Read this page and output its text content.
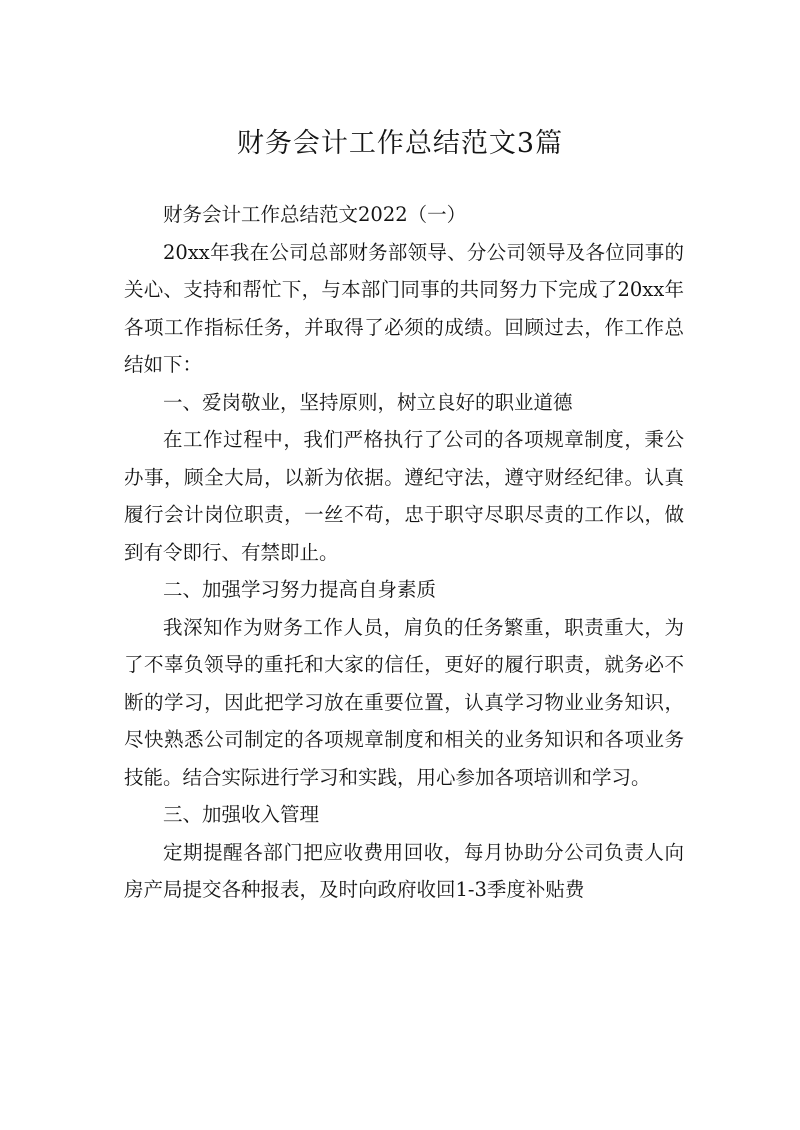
财务会计工作总结范文3篇

财务会计工作总结范文2022（一）

20xx年我在公司总部财务部领导、分公司领导及各位同事的关心、支持和帮忙下，与本部门同事的共同努力下完成了20xx年各项工作指标任务，并取得了必须的成绩。回顾过去，作工作总结如下：

一、爱岗敬业，坚持原则，树立良好的职业道德

在工作过程中，我们严格执行了公司的各项规章制度，秉公办事，顾全大局，以新为依据。遵纪守法，遵守财经纪律。认真履行会计岗位职责，一丝不苟，忠于职守尽职尽责的工作以，做到有令即行、有禁即止。

二、加强学习努力提高自身素质

我深知作为财务工作人员，肩负的任务繁重，职责重大，为了不辜负领导的重托和大家的信任，更好的履行职责，就务必不断的学习，因此把学习放在重要位置，认真学习物业业务知识，尽快熟悉公司制定的各项规章制度和相关的业务知识和各项业务技能。结合实际进行学习和实践，用心参加各项培训和学习。

三、加强收入管理

定期提醒各部门把应收费用回收，每月协助分公司负责人向房产局提交各种报表，及时向政府收回1-3季度补贴费
